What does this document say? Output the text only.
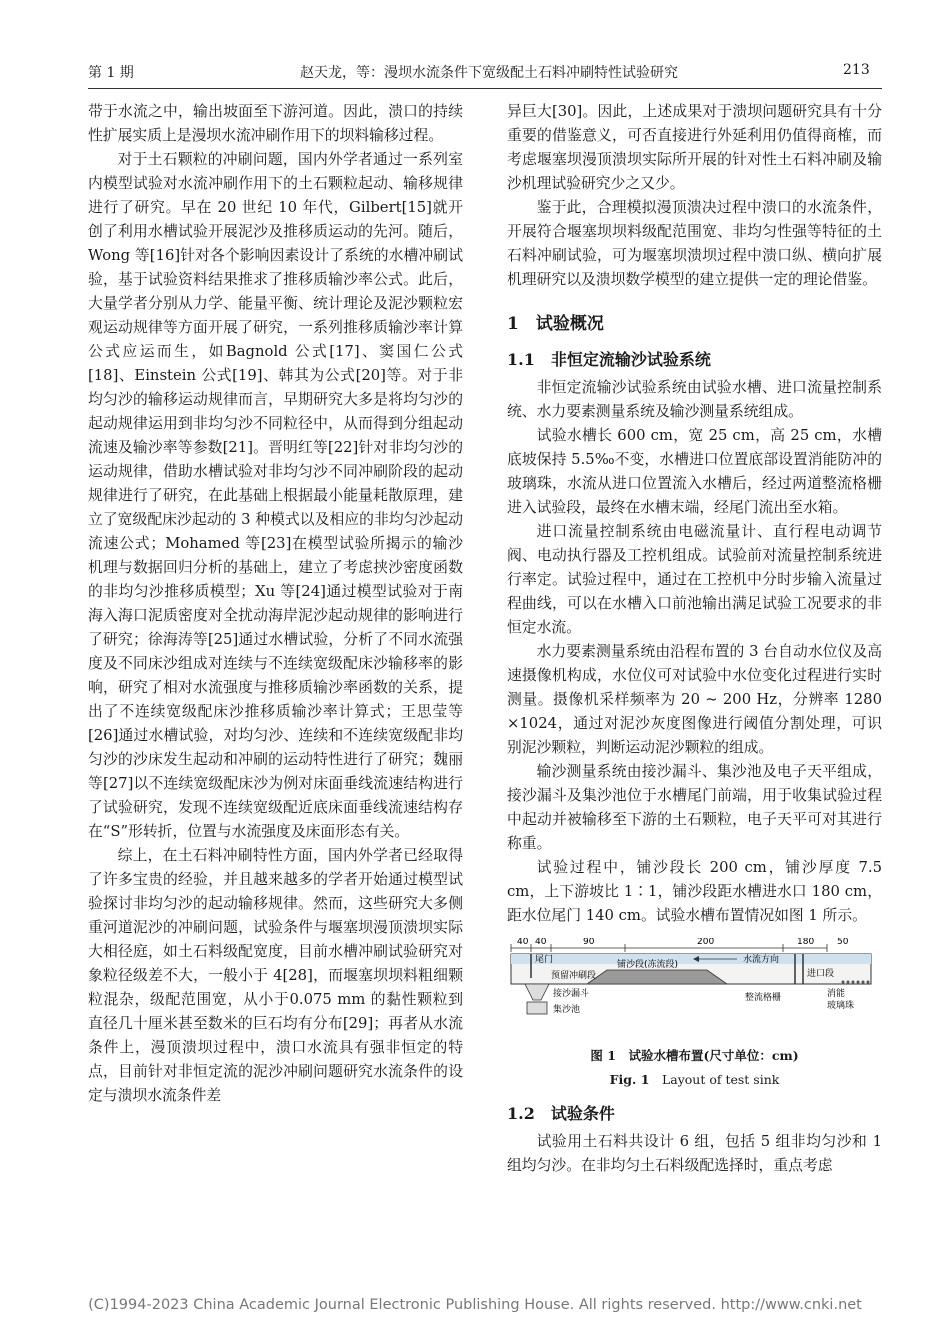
第 1 期	赵天龙，等：漫坝水流条件下宽级配土石料冲刷特性试验研究	213

带于水流之中，输出坡面至下游河道。因此，溃口的持续性扩展实质上是漫坝水流冲刷作用下的坝料输移过程。

对于土石颗粒的冲刷问题，国内外学者通过一系列室内模型试验对水流冲刷作用下的土石颗粒起动、输移规律进行了研究。早在 20 世纪 10 年代，Gilbert[15]就开创了利用水槽试验开展泥沙及推移质运动的先河。随后，Wong 等[16]针对各个影响因素设计了系统的水槽冲刷试验，基于试验资料结果推求了推移质输沙率公式。此后，大量学者分别从力学、能量平衡、统计理论及泥沙颗粒宏观运动规律等方面开展了研究，一系列推移质输沙率计算公式应运而生，如Bagnold 公式[17]、窦国仁公式[18]、Einstein 公式[19]、韩其为公式[20]等。对于非均匀沙的输移运动规律而言，早期研究大多是将均匀沙的起动规律运用到非均匀沙不同粒径中，从而得到分组起动流速及输沙率等参数[21]。晋明红等[22]针对非均匀沙的运动规律，借助水槽试验对非均匀沙不同冲刷阶段的起动规律进行了研究，在此基础上根据最小能量耗散原理，建立了宽级配床沙起动的 3 种模式以及相应的非均匀沙起动流速公式；Mohamed 等[23]在模型试验所揭示的输沙机理与数据回归分析的基础上，建立了考虑挟沙密度函数的非均匀沙推移质模型；Xu 等[24]通过模型试验对于南海入海口泥质密度对全扰动海岸泥沙起动规律的影响进行了研究；徐海涛等[25]通过水槽试验，分析了不同水流强度及不同床沙组成对连续与不连续宽级配床沙输移率的影响，研究了相对水流强度与推移质输沙率函数的关系，提出了不连续宽级配床沙推移质输沙率计算式；王思莹等[26]通过水槽试验，对均匀沙、连续和不连续宽级配非均匀沙的沙床发生起动和冲刷的运动特性进行了研究；魏丽等[27]以不连续宽级配床沙为例对床面垂线流速结构进行了试验研究，发现不连续宽级配近底床面垂线流速结构存在“S”形转折，位置与水流强度及床面形态有关。

综上，在土石料冲刷特性方面，国内外学者已经取得了许多宝贵的经验，并且越来越多的学者开始通过模型试验探讨非均匀沙的起动输移规律。然而，这些研究大多侧重河道泥沙的冲刷问题，试验条件与堰塞坝漫顶溃坝实际大相径庭，如土石料级配宽度，目前水槽冲刷试验研究对象粒径级差不大，一般小于 4[28]，而堰塞坝坝料粗细颗粒混杂，级配范围宽，从小于0.075 mm 的黏性颗粒到直径几十厘米甚至数米的巨石均有分布[29]；再者从水流条件上，漫顶溃坝过程中，溃口水流具有强非恒定的特点，目前针对非恒定流的泥沙冲刷问题研究水流条件的设定与溃坝水流条件差

异巨大[30]。因此，上述成果对于溃坝问题研究具有十分重要的借鉴意义，可否直接进行外延利用仍值得商榷，而考虑堰塞坝漫顶溃坝实际所开展的针对性土石料冲刷及输沙机理试验研究少之又少。

鉴于此，合理模拟漫顶溃决过程中溃口的水流条件，开展符合堰塞坝坝料级配范围宽、非均匀性强等特征的土石料冲刷试验，可为堰塞坝溃坝过程中溃口纵、横向扩展机理研究以及溃坝数学模型的建立提供一定的理论借鉴。

1　试验概况
1.1　非恒定流输沙试验系统

非恒定流输沙试验系统由试验水槽、进口流量控制系统、水力要素测量系统及输沙测量系统组成。

试验水槽长 600 cm，宽 25 cm，高 25 cm，水槽底坡保持 5.5‰不变，水槽进口位置底部设置消能防冲的玻璃珠，水流从进口位置流入水槽后，经过两道整流格栅进入试验段，最终在水槽末端，经尾门流出至水箱。

进口流量控制系统由电磁流量计、直行程电动调节阀、电动执行器及工控机组成。试验前对流量控制系统进行率定。试验过程中，通过在工控机中分时步输入流量过程曲线，可以在水槽入口前池输出满足试验工况要求的非恒定水流。

水力要素测量系统由沿程布置的 3 台自动水位仪及高速摄像机构成，水位仪可对试验中水位变化过程进行实时测量。摄像机采样频率为 20 ~ 200 Hz，分辨率 1280 ×1024，通过对泥沙灰度图像进行阈值分割处理，可识别泥沙颗粒，判断运动泥沙颗粒的组成。

输沙测量系统由接沙漏斗、集沙池及电子天平组成，接沙漏斗及集沙池位于水槽尾门前端，用于收集试验过程中起动并被输移至下游的土石颗粒，电子天平可对其进行称重。

试验过程中，铺沙段长 200 cm，铺沙厚度 7.5 cm，上下游坡比 1∶1，铺沙段距水槽进水口 180 cm，距水位尾门 140 cm。试验水槽布置情况如图 1 所示。

40 40	90	200	180	50
尾门	水流方向
铺沙段(冻流段)
进口段
预留冲刷段
接沙漏斗
集沙池
整流格栅	消能
玻璃珠
图 1　 试验水槽布置(尺寸单位：cm)
Fig. 1　 Layout of test sink
1.2　试验条件

试验用土石料共设计 6 组，包括 5 组非均匀沙和 1 组均匀沙。在非均匀土石料级配选择时，重点考虑

(C)1994-2023 China Academic Journal Electronic Publishing House. All rights reserved. http://www.cnki.net
